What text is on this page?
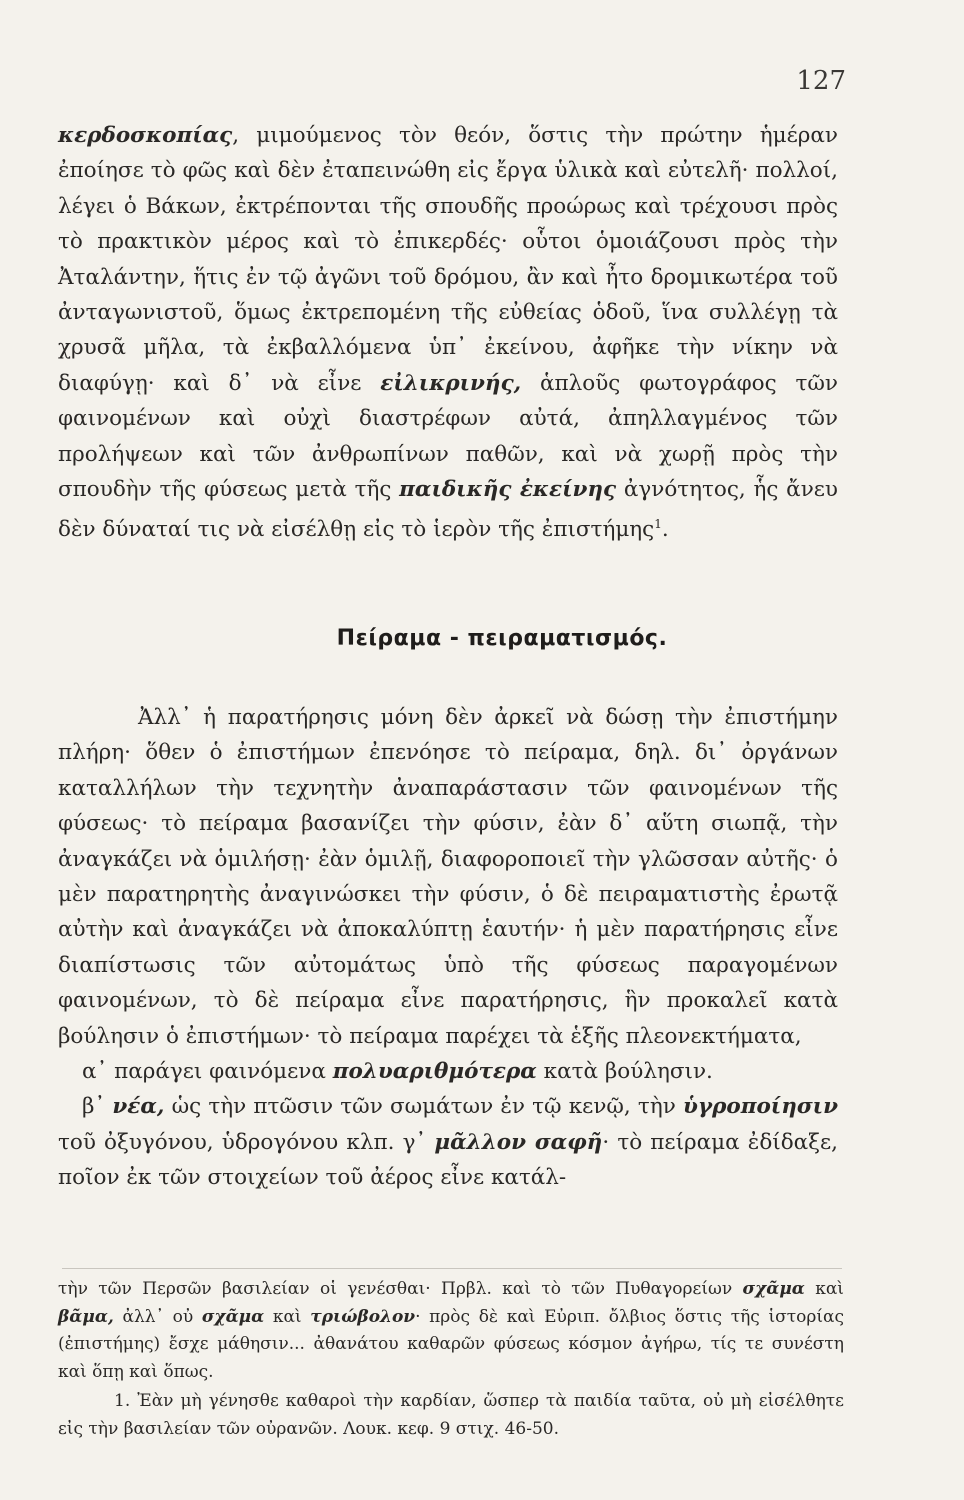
127
κερδοσκοπίας, μιμούμενος τὸν θεόν, ὅστις τὴν πρώτην ἡμέραν ἐποίησε τὸ φῶς καὶ δὲν ἐταπεινώθη εἰς ἔργα ὑλικὰ καὶ εὐτελῆ· πολλοί, λέγει ὁ Βάκων, ἐκτρέπονται τῆς σπουδῆς προώρως καὶ τρέχουσι πρὸς τὸ πρακτικὸν μέρος καὶ τὸ ἐπικερδές· οὗτοι ὁμοιάζουσι πρὸς τὴν Ἀταλάντην, ἥτις ἐν τῷ ἀγῶνι τοῦ δρόμου, ἂν καὶ ἦτο δρομικωτέρα τοῦ ἀνταγωνιστοῦ, ὅμως ἐκτρεπομένη τῆς εὐθείας ὁδοῦ, ἵνα συλλέγῃ τὰ χρυσᾶ μῆλα, τὰ ἐκβαλλόμενα ὑπ᾿ ἐκείνου, ἀφῆκε τὴν νίκην νὰ διαφύγῃ· καὶ δ᾿ νὰ εἶνε εἰλικρινής, ἁπλοῦς φωτογράφος τῶν φαινομένων καὶ οὐχὶ διαστρέφων αὐτά, ἀπηλλαγμένος τῶν προλήψεων καὶ τῶν ἀνθρωπίνων παθῶν, καὶ νὰ χωρῇ πρὸς τὴν σπουδὴν τῆς φύσεως μετὰ τῆς παιδικῆς ἐκείνης ἀγνότητος, ἧς ἄνευ δὲν δύναταί τις νὰ εἰσέλθῃ εἰς τὸ ἱερὸν τῆς ἐπιστήμης$^1$.
Πείραμα - πειραματισμός.
Ἀλλ᾿ ἡ παρατήρησις μόνη δὲν ἀρκεῖ νὰ δώσῃ τὴν ἐπιστήμην πλήρη· ὅθεν ὁ ἐπιστήμων ἐπενόησε τὸ πείραμα, δηλ. δι᾿ ὀργάνων καταλλήλων τὴν τεχνητὴν ἀναπαράστασιν τῶν φαινομένων τῆς φύσεως· τὸ πείραμα βασανίζει τὴν φύσιν, ἐὰν δ᾿ αὕτη σιωπᾷ, τὴν ἀναγκάζει νὰ ὁμιλήσῃ· ἐὰν ὁμιλῇ, διαφοροποιεῖ τὴν γλῶσσαν αὐτῆς· ὁ μὲν παρατηρητὴς ἀναγινώσκει τὴν φύσιν, ὁ δὲ πειραματιστὴς ἐρωτᾷ αὐτὴν καὶ ἀναγκάζει νὰ ἀποκαλύπτῃ ἑαυτήν· ἡ μὲν παρατήρησις εἶνε διαπίστωσις τῶν αὐτομάτως ὑπὸ τῆς φύσεως παραγομένων φαινομένων, τὸ δὲ πείραμα εἶνε παρατήρησις, ἣν προκαλεῖ κατὰ βούλησιν ὁ ἐπιστήμων· τὸ πείραμα παρέχει τὰ ἑξῆς πλεονεκτήματα,
α᾿ παράγει φαινόμενα πολυαριθμότερα κατὰ βούλησιν.
β᾿ νέα, ὡς τὴν πτῶσιν τῶν σωμάτων ἐν τῷ κενῷ, τὴν ὑγροποίησιν τοῦ ὀξυγόνου, ὑδρογόνου κλπ. γ᾿ μᾶλλον σαφῆ· τὸ πείραμα ἐδίδαξε, ποῖον ἐκ τῶν στοιχείων τοῦ ἀέρος εἶνε κατάλ-
τὴν τῶν Περσῶν βασιλείαν οἱ γενέσθαι· Πρβλ. καὶ τὸ τῶν Πυθαγορείων σχᾶμα καὶ βᾶμα, ἀλλ᾿ οὐ σχᾶμα καὶ τριώβολον· πρὸς δὲ καὶ Εὐριπ. ὄλβιος ὅστις τῆς ἱστορίας (ἐπιστήμης) ἔσχε μάθησιν... ἀθανάτου καθαρῶν φύσεως κόσμον ἀγήρω, τίς τε συνέστη καὶ ὅπῃ καὶ ὅπως.
1. Ἐὰν μὴ γένησθε καθαροὶ τὴν καρδίαν, ὥσπερ τὰ παιδία ταῦτα, οὐ μὴ εἰσέλθητε εἰς τὴν βασιλείαν τῶν οὐρανῶν. Λουκ. κεφ. 9 στιχ. 46-50.
